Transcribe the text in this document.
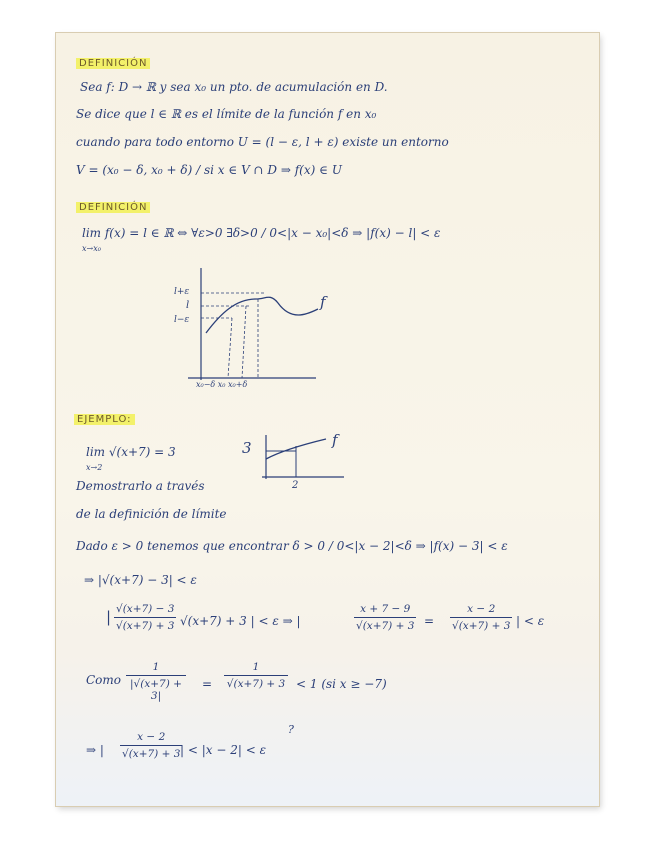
DEFINICIÓN
Sea f: D → ℝ y sea x₀ un pto. de acumulación en D.
Se dice que l ∈ ℝ es el límite de la función f en x₀
cuando para todo entorno U = (l − ε, l + ε) existe un entorno
V = (x₀ − δ, x₀ + δ) / si x ∈ V ∩ D ⇒ f(x) ∈ U
DEFINICIÓN
lim f(x) = l ∈ ℝ ⇔ ∀ε>0 ∃δ>0 / 0<|x − x₀|<δ ⇒ |f(x) − l| < ε
x→x₀
l+ε
l
l−ε
f
x₀−δ x₀ x₀+δ
EJEMPLO:
lim √(x+7) = 3
x→2
3	f
2
Demostrarlo a través
de la definición de límite
Dado ε > 0 tenemos que encontrar δ > 0 / 0<|x − 2|<δ ⇒ |f(x) − 3| < ε
⇒ |√(x+7) − 3| < ε
| √(x+7) − 3
√(x+7) + 3 √(x+7) + 3 | < ε ⇒ |
x + 7 − 9
√(x+7) + 3 =
x − 2
√(x+7) + 3 | < ε
Como
1
|√(x+7) + 3|
=
1
√(x+7) + 3 < 1 (si x ≥ −7)
?
⇒ |
x − 2
√(x+7) + 3 | < |x − 2| < ε
